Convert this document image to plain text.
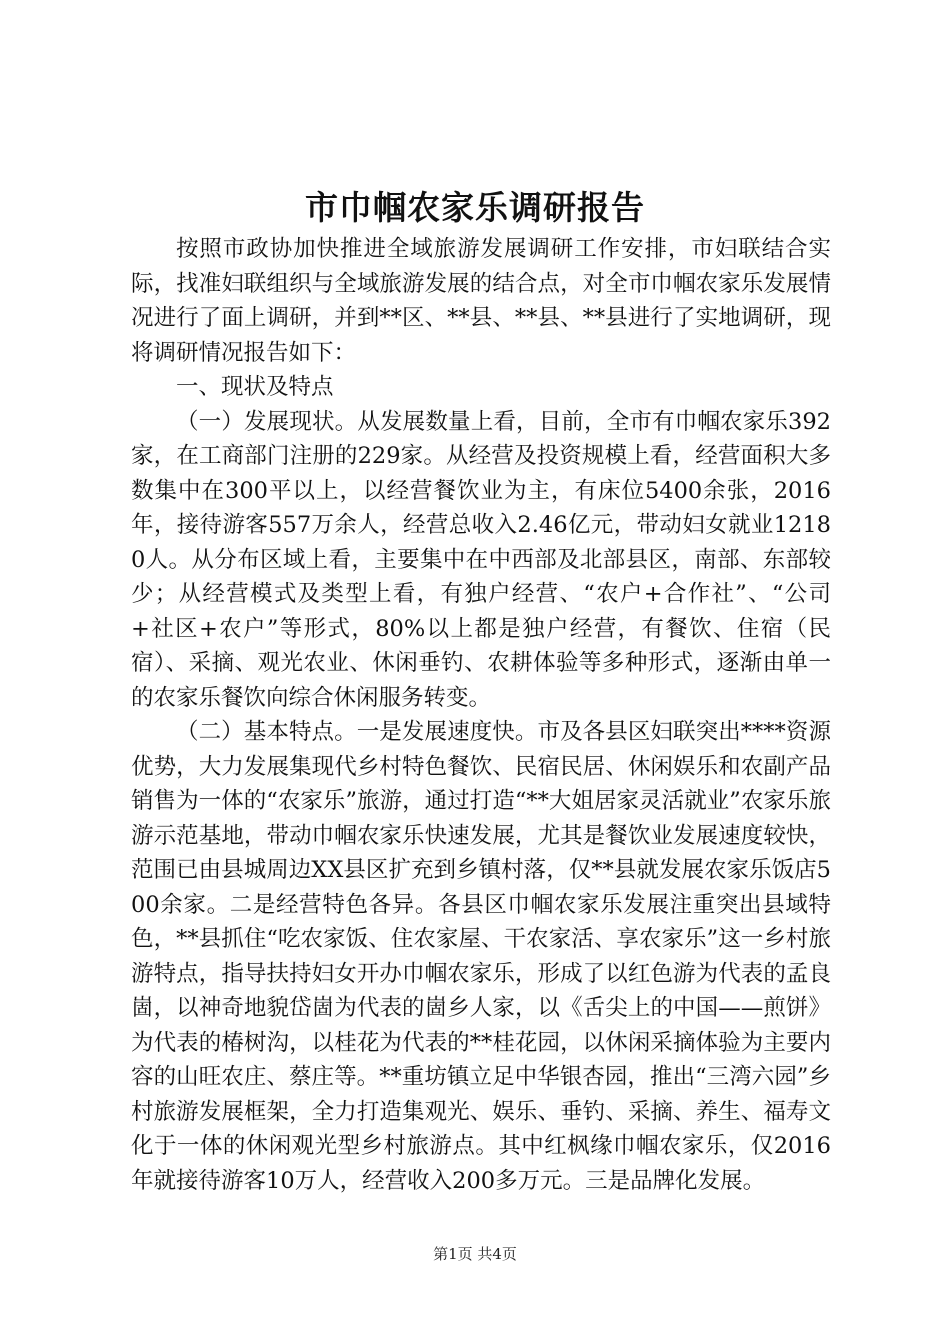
市巾帼农家乐调研报告

按照市政协加快推进全域旅游发展调研工作安排，市妇联结合实际，找准妇联组织与全域旅游发展的结合点，对全市巾帼农家乐发展情况进行了面上调研，并到**区、**县、**县、**县进行了实地调研，现将调研情况报告如下：

一、现状及特点

（一）发展现状。从发展数量上看，目前，全市有巾帼农家乐392家，在工商部门注册的229家。从经营及投资规模上看，经营面积大多数集中在300平以上，以经营餐饮业为主，有床位5400余张，2016年，接待游客557万余人，经营总收入2.46亿元，带动妇女就业12180人。从分布区域上看，主要集中在中西部及北部县区，南部、东部较少；从经营模式及类型上看，有独户经营、“农户+合作社”、“公司+社区+农户”等形式，80%以上都是独户经营，有餐饮、住宿（民宿）、采摘、观光农业、休闲垂钓、农耕体验等多种形式，逐渐由单一的农家乐餐饮向综合休闲服务转变。

（二）基本特点。一是发展速度快。市及各县区妇联突出****资源优势，大力发展集现代乡村特色餐饮、民宿民居、休闲娱乐和农副产品销售为一体的“农家乐”旅游，通过打造“**大姐居家灵活就业”农家乐旅游示范基地，带动巾帼农家乐快速发展，尤其是餐饮业发展速度较快，范围已由县城周边XX县区扩充到乡镇村落，仅**县就发展农家乐饭店500余家。二是经营特色各异。各县区巾帼农家乐发展注重突出县域特色，**县抓住“吃农家饭、住农家屋、干农家活、享农家乐”这一乡村旅游特点，指导扶持妇女开办巾帼农家乐，形成了以红色游为代表的孟良崮，以神奇地貌岱崮为代表的崮乡人家，以《舌尖上的中国——煎饼》为代表的椿树沟，以桂花为代表的**桂花园，以休闲采摘体验为主要内容的山旺农庄、蔡庄等。**重坊镇立足中华银杏园，推出“三湾六园”乡村旅游发展框架，全力打造集观光、娱乐、垂钓、采摘、养生、福寿文化于一体的休闲观光型乡村旅游点。其中红枫缘巾帼农家乐，仅2016年就接待游客10万人，经营收入200多万元。三是品牌化发展。

第1页 共4页
